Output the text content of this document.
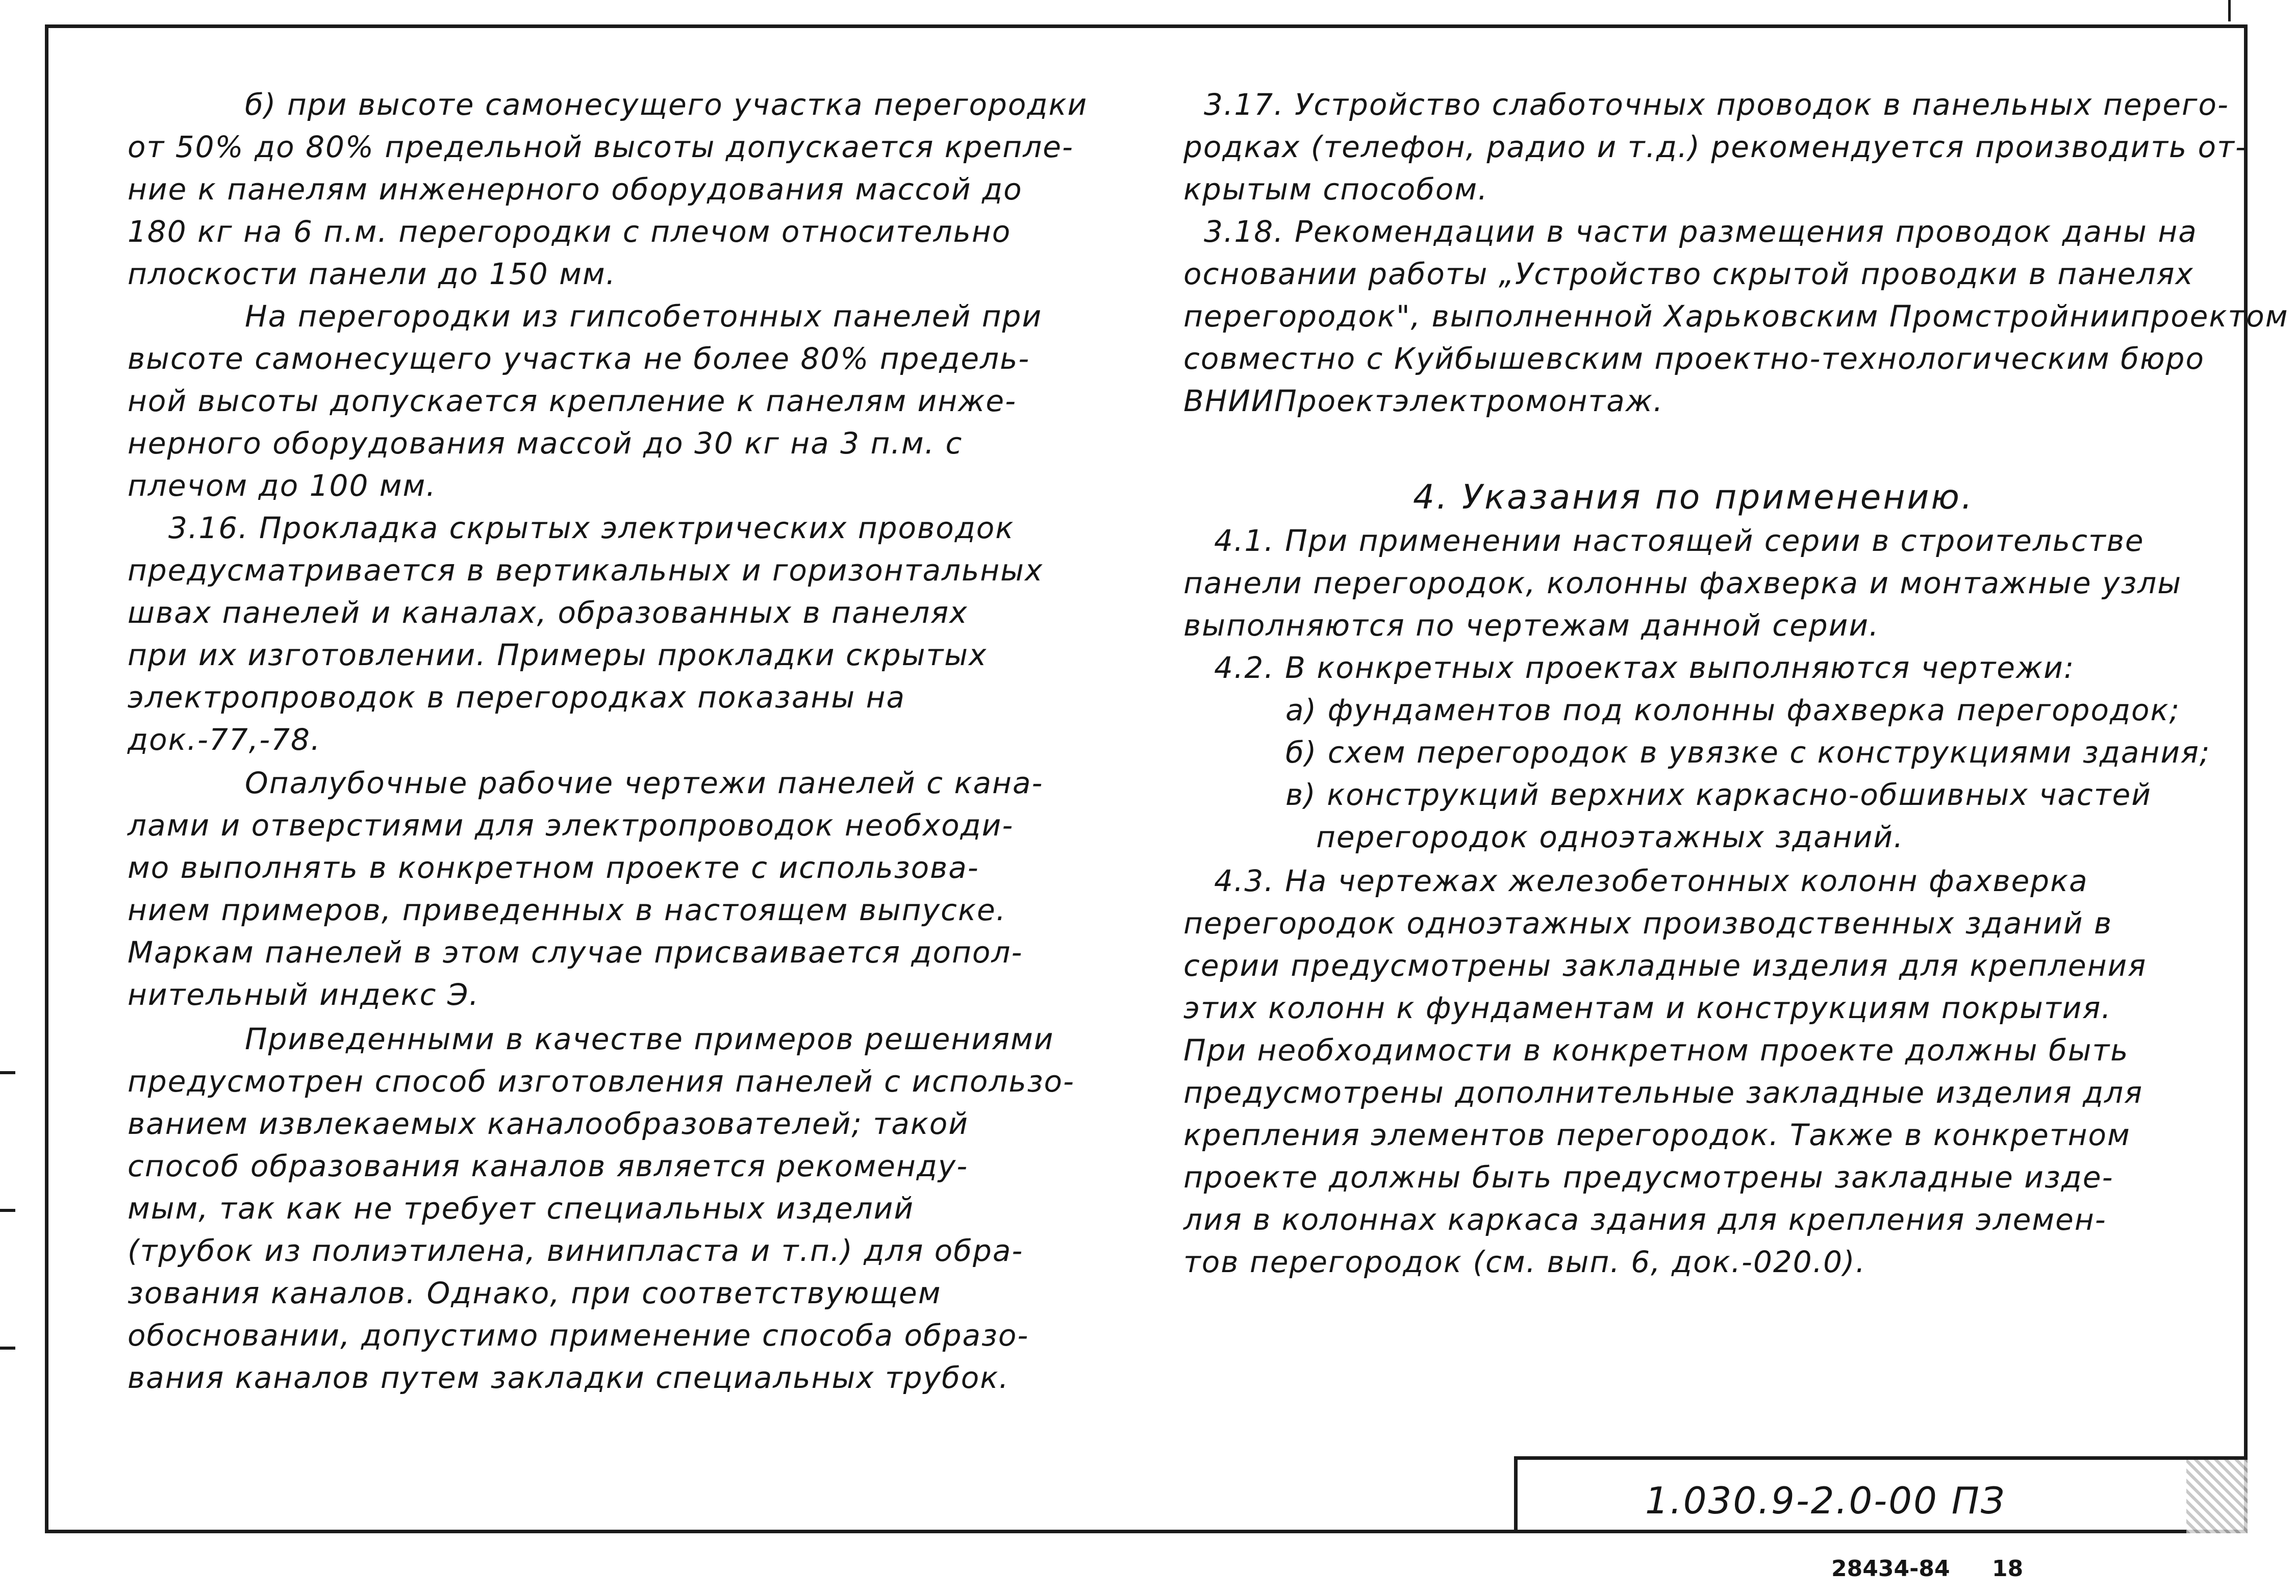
б) при высоте самонесущего участка перегородки
от 50% до 80% предельной высоты допускается крепле-
ние к панелям инженерного оборудования массой до
180 кг на 6 п.м. перегородки с плечом относительно
плоскости панели до 150 мм.
На перегородки из гипсобетонных панелей при
высоте самонесущего участка не более 80% предель-
ной высоты допускается крепление к панелям инже-
нерного оборудования массой до 30 кг на 3 п.м. с
плечом до 100 мм.
3.16. Прокладка скрытых электрических проводок
предусматривается в вертикальных и горизонтальных
швах панелей и каналах, образованных в панелях
при их изготовлении. Примеры прокладки скрытых
электропроводок в перегородках показаны на
док.-77,-78.
Опалубочные рабочие чертежи панелей с кана-
лами и отверстиями для электропроводок необходи-
мо выполнять в конкретном проекте с использова-
нием примеров, приведенных в настоящем выпуске.
Маркам панелей в этом случае присваивается допол-
нительный индекс Э.
Приведенными в качестве примеров решениями
предусмотрен способ изготовления панелей с использо-
ванием извлекаемых каналообразователей; такой
способ образования каналов является рекоменду-
мым, так как не требует специальных изделий
(трубок из полиэтилена, винипласта и т.п.) для обра-
зования каналов. Однако, при соответствующем
обосновании, допустимо применение способа образо-
вания каналов путем закладки специальных трубок.
3.17. Устройство слаботочных проводок в панельных перего-
родках (телефон, радио и т.д.) рекомендуется производить от-
крытым способом.
3.18. Рекомендации в части размещения проводок даны на
основании работы „Устройство скрытой проводки в панелях
перегородок", выполненной Харьковским Промстройниипроектом
совместно с Куйбышевским проектно-технологическим бюро
ВНИИПроектэлектромонтаж.
4. Указания по применению.
4.1. При применении настоящей серии в строительстве
панели перегородок, колонны фахверка и монтажные узлы
выполняются по чертежам данной серии.
4.2. В конкретных проектах выполняются чертежи:
а) фундаментов под колонны фахверка перегородок;
б) схем перегородок в увязке с конструкциями здания;
в) конструкций верхних каркасно-обшивных частей
перегородок одноэтажных зданий.
4.3. На чертежах железобетонных колонн фахверка
перегородок одноэтажных производственных зданий в
серии предусмотрены закладные изделия для крепления
этих колонн к фундаментам и конструкциям покрытия.
При необходимости в конкретном проекте должны быть
предусмотрены дополнительные закладные изделия для
крепления элементов перегородок. Также в конкретном
проекте должны быть предусмотрены закладные изде-
лия в колоннах каркаса здания для крепления элемен-
тов перегородок (см. вып. 6, док.-020.0).
1.030.9-2.0-00 ПЗ
28434-84 18
